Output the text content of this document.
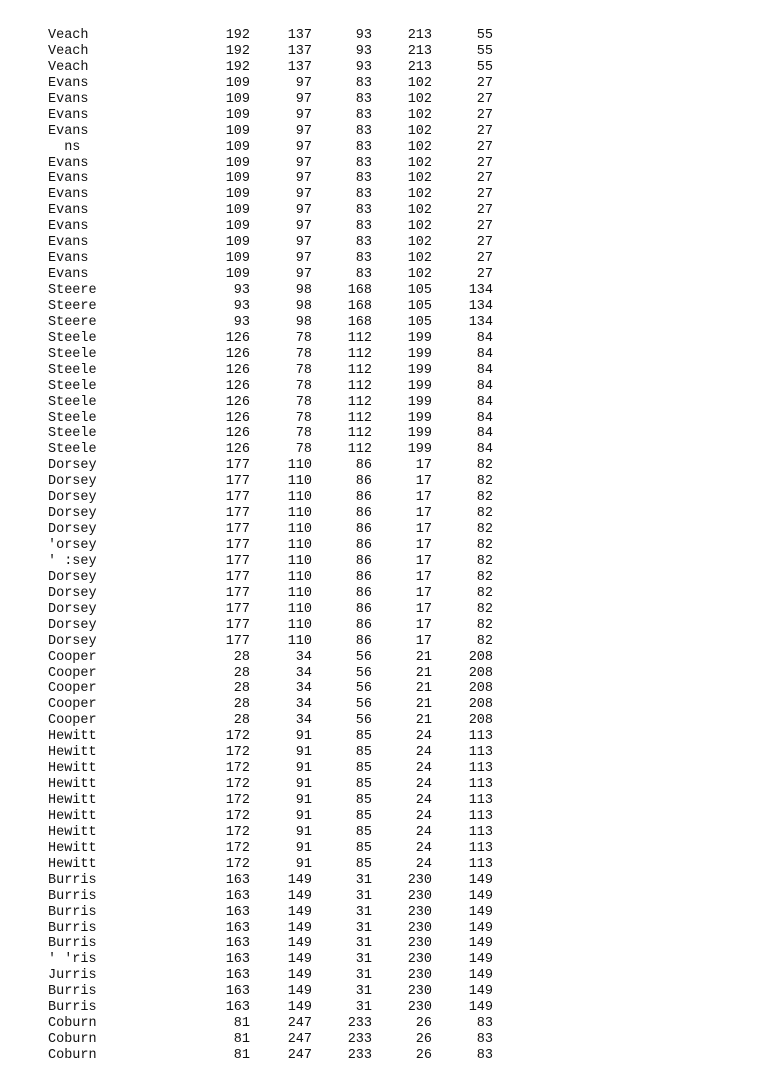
Veach	192	137	93	213	55
Veach	192	137	93	213	55
Veach	192	137	93	213	55
Evans	109	97	83	102	27
Evans	109	97	83	102	27
Evans	109	97	83	102	27
Evans	109	97	83	102	27
ns	109	97	83	102	27
Evans	109	97	83	102	27
Evans	109	97	83	102	27
Evans	109	97	83	102	27
Evans	109	97	83	102	27
Evans	109	97	83	102	27
Evans	109	97	83	102	27
Evans	109	97	83	102	27
Evans	109	97	83	102	27
Steere	93	98	168	105	134
Steere	93	98	168	105	134
Steere	93	98	168	105	134
Steele	126	78	112	199	84
Steele	126	78	112	199	84
Steele	126	78	112	199	84
Steele	126	78	112	199	84
Steele	126	78	112	199	84
Steele	126	78	112	199	84
Steele	126	78	112	199	84
Steele	126	78	112	199	84
Dorsey	177	110	86	17	82
Dorsey	177	110	86	17	82
Dorsey	177	110	86	17	82
Dorsey	177	110	86	17	82
Dorsey	177	110	86	17	82
'orsey	177	110	86	17	82
' :sey	177	110	86	17	82
Dorsey	177	110	86	17	82
Dorsey	177	110	86	17	82
Dorsey	177	110	86	17	82
Dorsey	177	110	86	17	82
Dorsey	177	110	86	17	82
Cooper	28	34	56	21	208
Cooper	28	34	56	21	208
Cooper	28	34	56	21	208
Cooper	28	34	56	21	208
Cooper	28	34	56	21	208
Hewitt	172	91	85	24	113
Hewitt	172	91	85	24	113
Hewitt	172	91	85	24	113
Hewitt	172	91	85	24	113
Hewitt	172	91	85	24	113
Hewitt	172	91	85	24	113
Hewitt	172	91	85	24	113
Hewitt	172	91	85	24	113
Hewitt	172	91	85	24	113
Burris	163	149	31	230	149
Burris	163	149	31	230	149
Burris	163	149	31	230	149
Burris	163	149	31	230	149
Burris	163	149	31	230	149
' 'ris	163	149	31	230	149
Jurris	163	149	31	230	149
Burris	163	149	31	230	149
Burris	163	149	31	230	149
Coburn	81	247	233	26	83
Coburn	81	247	233	26	83
Coburn	81	247	233	26	83
